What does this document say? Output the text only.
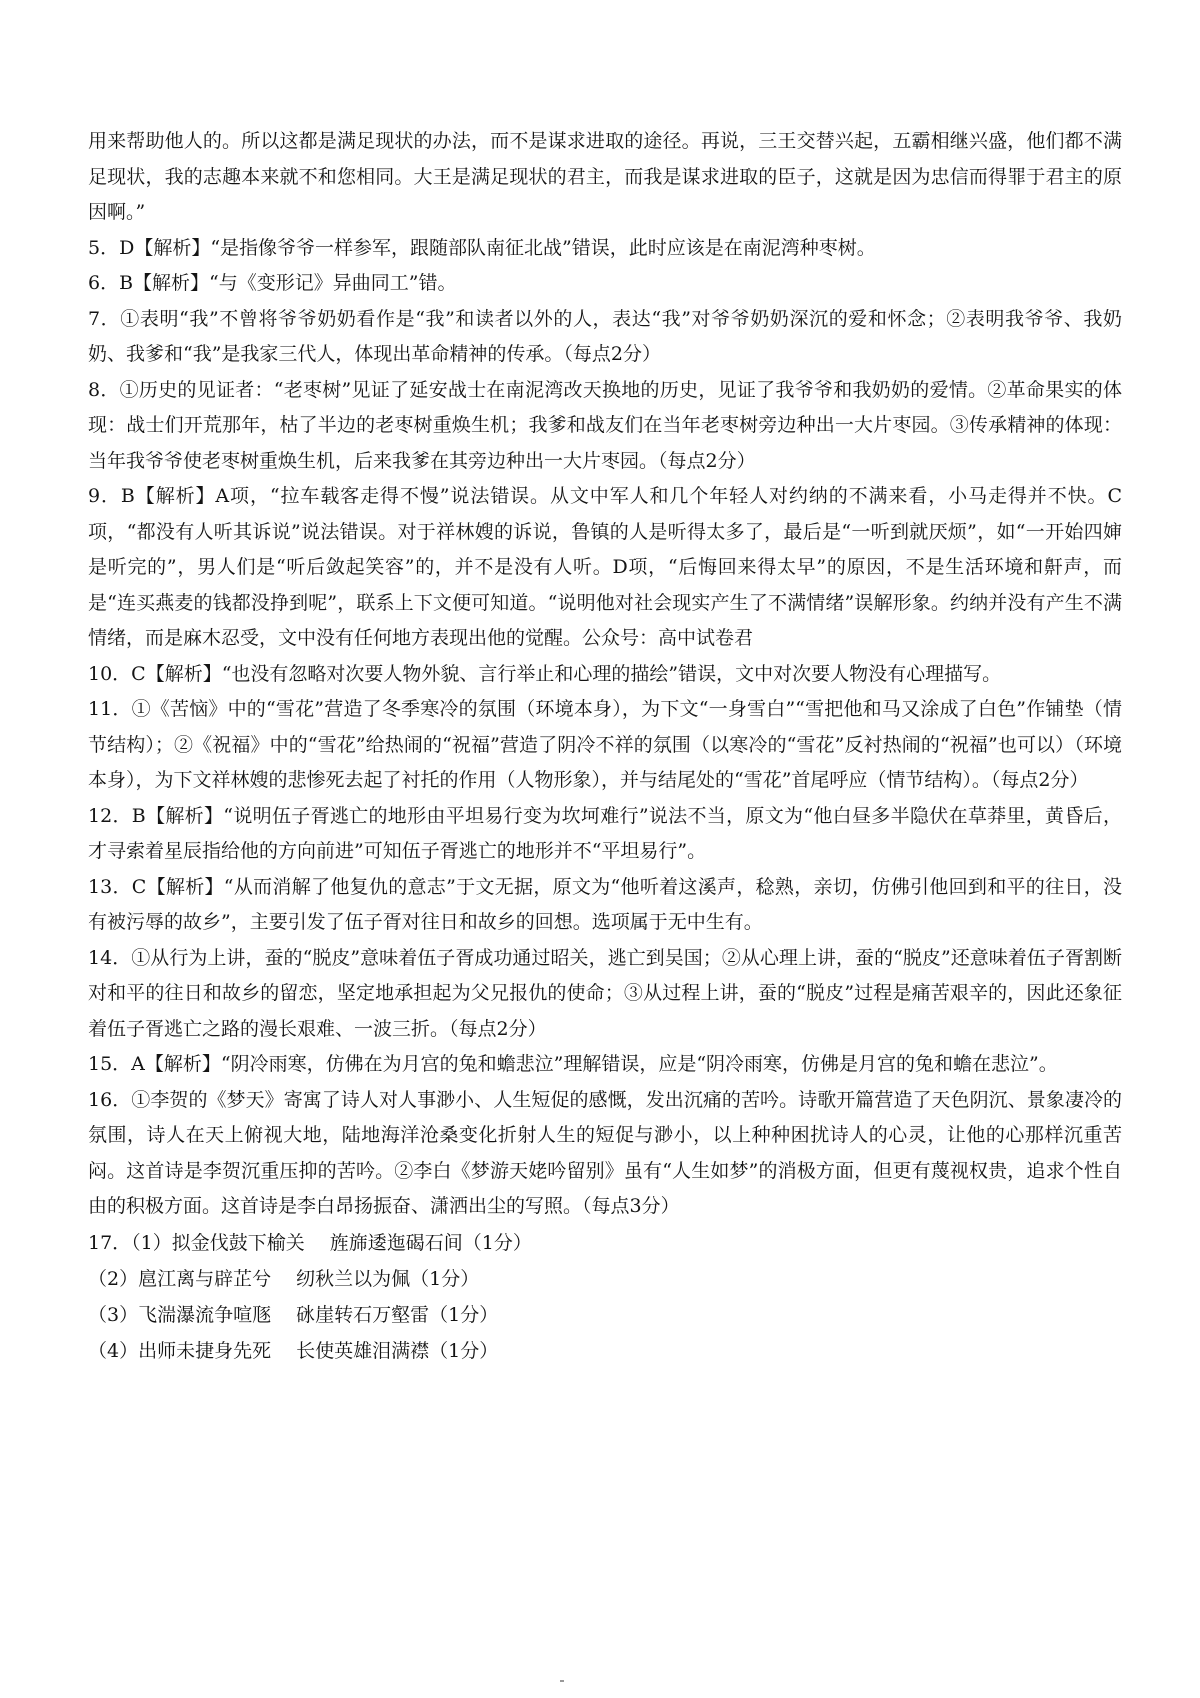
用来帮助他人的。所以这都是满足现状的办法，而不是谋求进取的途径。再说，三王交替兴起，五霸相继兴盛，他们都不满足现状，我的志趣本来就不和您相同。大王是满足现状的君主，而我是谋求进取的臣子，这就是因为忠信而得罪于君主的原因啊。”

5．D【解析】“是指像爷爷一样参军，跟随部队南征北战”错误，此时应该是在南泥湾种枣树。

6．B【解析】“与《变形记》异曲同工”错。

7．①表明“我”不曾将爷爷奶奶看作是“我”和读者以外的人，表达“我”对爷爷奶奶深沉的爱和怀念；②表明我爷爷、我奶奶、我爹和“我”是我家三代人，体现出革命精神的传承。（每点2分）

8．①历史的见证者：“老枣树”见证了延安战士在南泥湾改天换地的历史，见证了我爷爷和我奶奶的爱情。②革命果实的体现：战士们开荒那年，枯了半边的老枣树重焕生机；我爹和战友们在当年老枣树旁边种出一大片枣园。③传承精神的体现：当年我爷爷使老枣树重焕生机，后来我爹在其旁边种出一大片枣园。（每点2分）

9．B【解析】A项，“拉车载客走得不慢”说法错误。从文中军人和几个年轻人对约纳的不满来看，小马走得并不快。C项，“都没有人听其诉说”说法错误。对于祥林嫂的诉说，鲁镇的人是听得太多了，最后是“一听到就厌烦”，如“一开始四婶是听完的”，男人们是“听后敛起笑容”的，并不是没有人听。D项，“后悔回来得太早”的原因，不是生活环境和鼾声，而是“连买燕麦的钱都没挣到呢”，联系上下文便可知道。“说明他对社会现实产生了不满情绪”误解形象。约纳并没有产生不满情绪，而是麻木忍受，文中没有任何地方表现出他的觉醒。公众号：高中试卷君

10．C【解析】“也没有忽略对次要人物外貌、言行举止和心理的描绘”错误，文中对次要人物没有心理描写。

11．①《苦恼》中的“雪花”营造了冬季寒冷的氛围（环境本身），为下文“一身雪白”“雪把他和马又涂成了白色”作铺垫（情节结构）；②《祝福》中的“雪花”给热闹的“祝福”营造了阴冷不祥的氛围（以寒冷的“雪花”反衬热闹的“祝福”也可以）（环境本身），为下文祥林嫂的悲惨死去起了衬托的作用（人物形象），并与结尾处的“雪花”首尾呼应（情节结构）。（每点2分）

12．B【解析】“说明伍子胥逃亡的地形由平坦易行变为坎坷难行”说法不当，原文为“他白昼多半隐伏在草莽里，黄昏后，才寻索着星辰指给他的方向前进”可知伍子胥逃亡的地形并不“平坦易行”。

13．C【解析】“从而消解了他复仇的意志”于文无据，原文为“他听着这溪声，稔熟，亲切，仿佛引他回到和平的往日，没有被污辱的故乡”，主要引发了伍子胥对往日和故乡的回想。选项属于无中生有。

14．①从行为上讲，蚕的“脱皮”意味着伍子胥成功通过昭关，逃亡到吴国；②从心理上讲，蚕的“脱皮”还意味着伍子胥割断对和平的往日和故乡的留恋，坚定地承担起为父兄报仇的使命；③从过程上讲，蚕的“脱皮”过程是痛苦艰辛的，因此还象征着伍子胥逃亡之路的漫长艰难、一波三折。（每点2分）

15．A【解析】“阴冷雨寒，仿佛在为月宫的兔和蟾悲泣”理解错误，应是“阴冷雨寒，仿佛是月宫的兔和蟾在悲泣”。

16．①李贺的《梦天》寄寓了诗人对人事渺小、人生短促的感慨，发出沉痛的苦吟。诗歌开篇营造了天色阴沉、景象凄冷的氛围，诗人在天上俯视大地，陆地海洋沧桑变化折射人生的短促与渺小，以上种种困扰诗人的心灵，让他的心那样沉重苦闷。这首诗是李贺沉重压抑的苦吟。②李白《梦游天姥吟留别》虽有“人生如梦”的消极方面，但更有蔑视权贵，追求个性自由的积极方面。这首诗是李白昂扬振奋、潇洒出尘的写照。（每点3分）

17．（1）拟金伐鼓下榆关　 旌旆逶迤碣石间（1分）

（2）扈江离与辟芷兮　 纫秋兰以为佩（1分）

（3）飞湍瀑流争喧豗　 砯崖转石万壑雷（1分）

（4）出师未捷身先死　 长使英雄泪满襟（1分）
